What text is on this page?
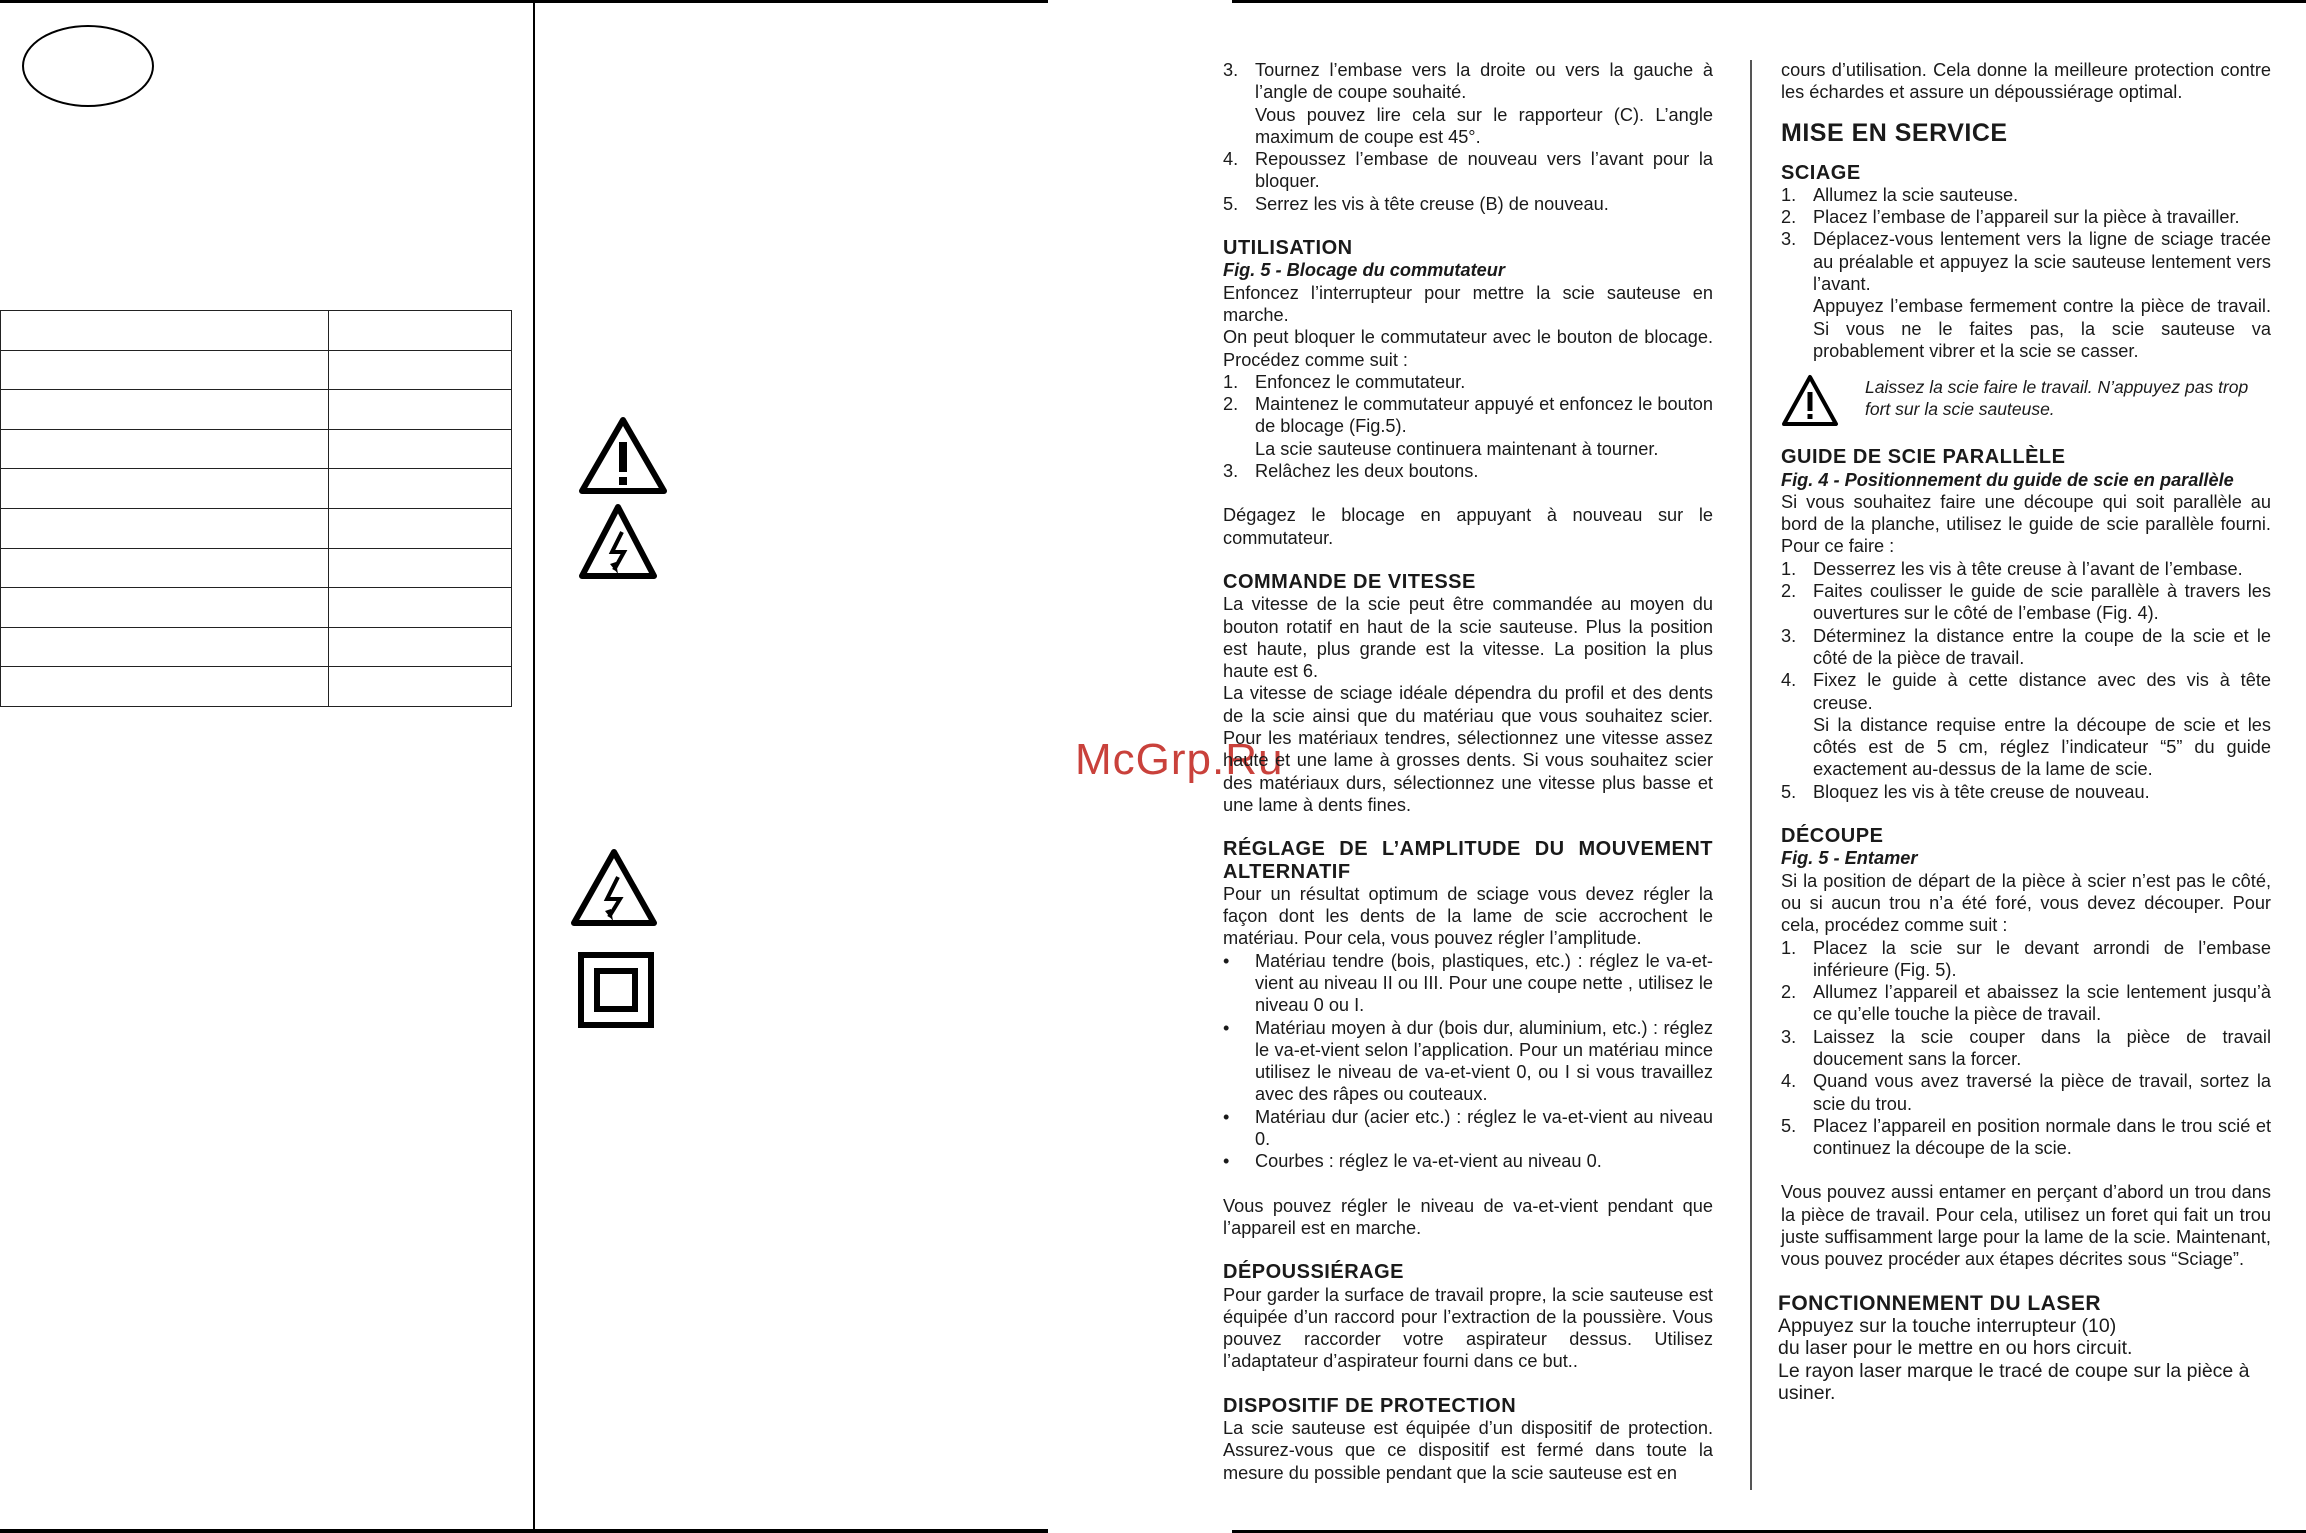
McGrp.Ru
3. Tournez l’embase vers la droite ou vers la gauche à l’angle de coupe souhaité.
Vous pouvez lire cela sur le rapporteur (C). L’angle maximum de coupe est 45°.
4. Repoussez l’embase de nouveau vers l’avant pour la bloquer.
5. Serrez les vis à tête creuse (B) de nouveau.

UTILISATION

Fig. 5 - Blocage du commutateur

Enfoncez l’interrupteur pour mettre la scie sauteuse en marche.

On peut bloquer le commutateur avec le bouton de blocage. Procédez comme suit :

1. Enfoncez le commutateur.
2. Maintenez le commutateur appuyé et enfoncez le bouton de blocage (Fig.5).
La scie sauteuse continuera maintenant à tourner.
3. Relâchez les deux boutons.

Dégagez le blocage en appuyant à nouveau sur le commutateur.

COMMANDE DE VITESSE

La vitesse de la scie peut être commandée au moyen du bouton rotatif en haut de la scie sauteuse. Plus la position est haute, plus grande est la vitesse. La position la plus haute est 6.

La vitesse de sciage idéale dépendra du profil et des dents de la scie ainsi que du matériau que vous souhaitez scier. Pour les matériaux tendres, sélectionnez une vitesse assez haute et une lame à grosses dents. Si vous souhaitez scier des matériaux durs, sélectionnez une vitesse plus basse et une lame à dents fines.

RÉGLAGE DE L’AMPLITUDE DU MOUVEMENT ALTERNATIF

Pour un résultat optimum de sciage vous devez régler la façon dont les dents de la lame de scie accrochent le matériau. Pour cela, vous pouvez régler l’amplitude.

• Matériau tendre (bois, plastiques, etc.) : réglez le va-et-vient au niveau II ou III. Pour une coupe nette , utilisez le niveau 0 ou I.
• Matériau moyen à dur (bois dur, aluminium, etc.) : réglez le va-et-vient selon l’application. Pour un matériau mince utilisez le niveau de va-et-vient 0, ou I si vous travaillez avec des râpes ou couteaux.
• Matériau dur (acier etc.) : réglez le va-et-vient au niveau 0.
• Courbes : réglez le va-et-vient au niveau 0.

Vous pouvez régler le niveau de va-et-vient pendant que l’appareil est en marche.

DÉPOUSSIÉRAGE

Pour garder la surface de travail propre, la scie sauteuse est équipée d’un raccord pour l’extraction de la poussière. Vous pouvez raccorder votre aspirateur dessus. Utilisez l’adaptateur d’aspirateur fourni dans ce but..

DISPOSITIF DE PROTECTION

La scie sauteuse est équipée d’un dispositif de protection. Assurez-vous que ce dispositif est fermé dans toute la mesure du possible pendant que la scie sauteuse est en

cours d’utilisation. Cela donne la meilleure protection contre les échardes et assure un dépoussiérage optimal.

MISE EN SERVICE

SCIAGE

1. Allumez la scie sauteuse.
2. Placez l’embase de l’appareil sur la pièce à travailler.
3. Déplacez-vous lentement vers la ligne de sciage tracée au préalable et appuyez la scie sauteuse lentement vers l’avant.
Appuyez l’embase fermement contre la pièce de travail. Si vous ne le faites pas, la scie sauteuse va probablement vibrer et la scie se casser.
Laissez la scie faire le travail. N’appuyez pas trop fort sur la scie sauteuse.

GUIDE DE SCIE PARALLÈLE

Fig. 4 - Positionnement du guide de scie en parallèle

Si vous souhaitez faire une découpe qui soit parallèle au bord de la planche, utilisez le guide de scie parallèle fourni. Pour ce faire :

1. Desserrez les vis à tête creuse à l’avant de l’embase.
2. Faites coulisser le guide de scie parallèle à travers les ouvertures sur le côté de l’embase (Fig. 4).
3. Déterminez la distance entre la coupe de la scie et le côté de la pièce de travail.
4. Fixez le guide à cette distance avec des vis à tête creuse.
Si la distance requise entre la découpe de scie et les côtés est de 5 cm, réglez l’indicateur “5” du guide exactement au-dessus de la lame de scie.
5. Bloquez les vis à tête creuse de nouveau.

DÉCOUPE

Fig. 5 - Entamer

Si la position de départ de la pièce à scier n’est pas le côté, ou si aucun trou n’a été foré, vous devez découper. Pour cela, procédez comme suit :

1. Placez la scie sur le devant arrondi de l’embase inférieure (Fig. 5).
2. Allumez l’appareil et abaissez la scie lentement jusqu’à ce qu’elle touche la pièce de travail.
3. Laissez la scie couper dans la pièce de travail doucement sans la forcer.
4. Quand vous avez traversé la pièce de travail, sortez la scie du trou.
5. Placez l’appareil en position normale dans le trou scié et continuez la découpe de la scie.

Vous pouvez aussi entamer en perçant d’abord un trou dans la pièce de travail. Pour cela, utilisez un foret qui fait un trou juste suffisamment large pour la lame de la scie. Maintenant, vous pouvez procéder aux étapes décrites sous “Sciage”.

FONCTIONNEMENT DU LASER

Appuyez sur la touche interrupteur (10)
du laser pour le mettre en ou hors circuit.
Le rayon laser marque le tracé de coupe sur la pièce à usiner.
